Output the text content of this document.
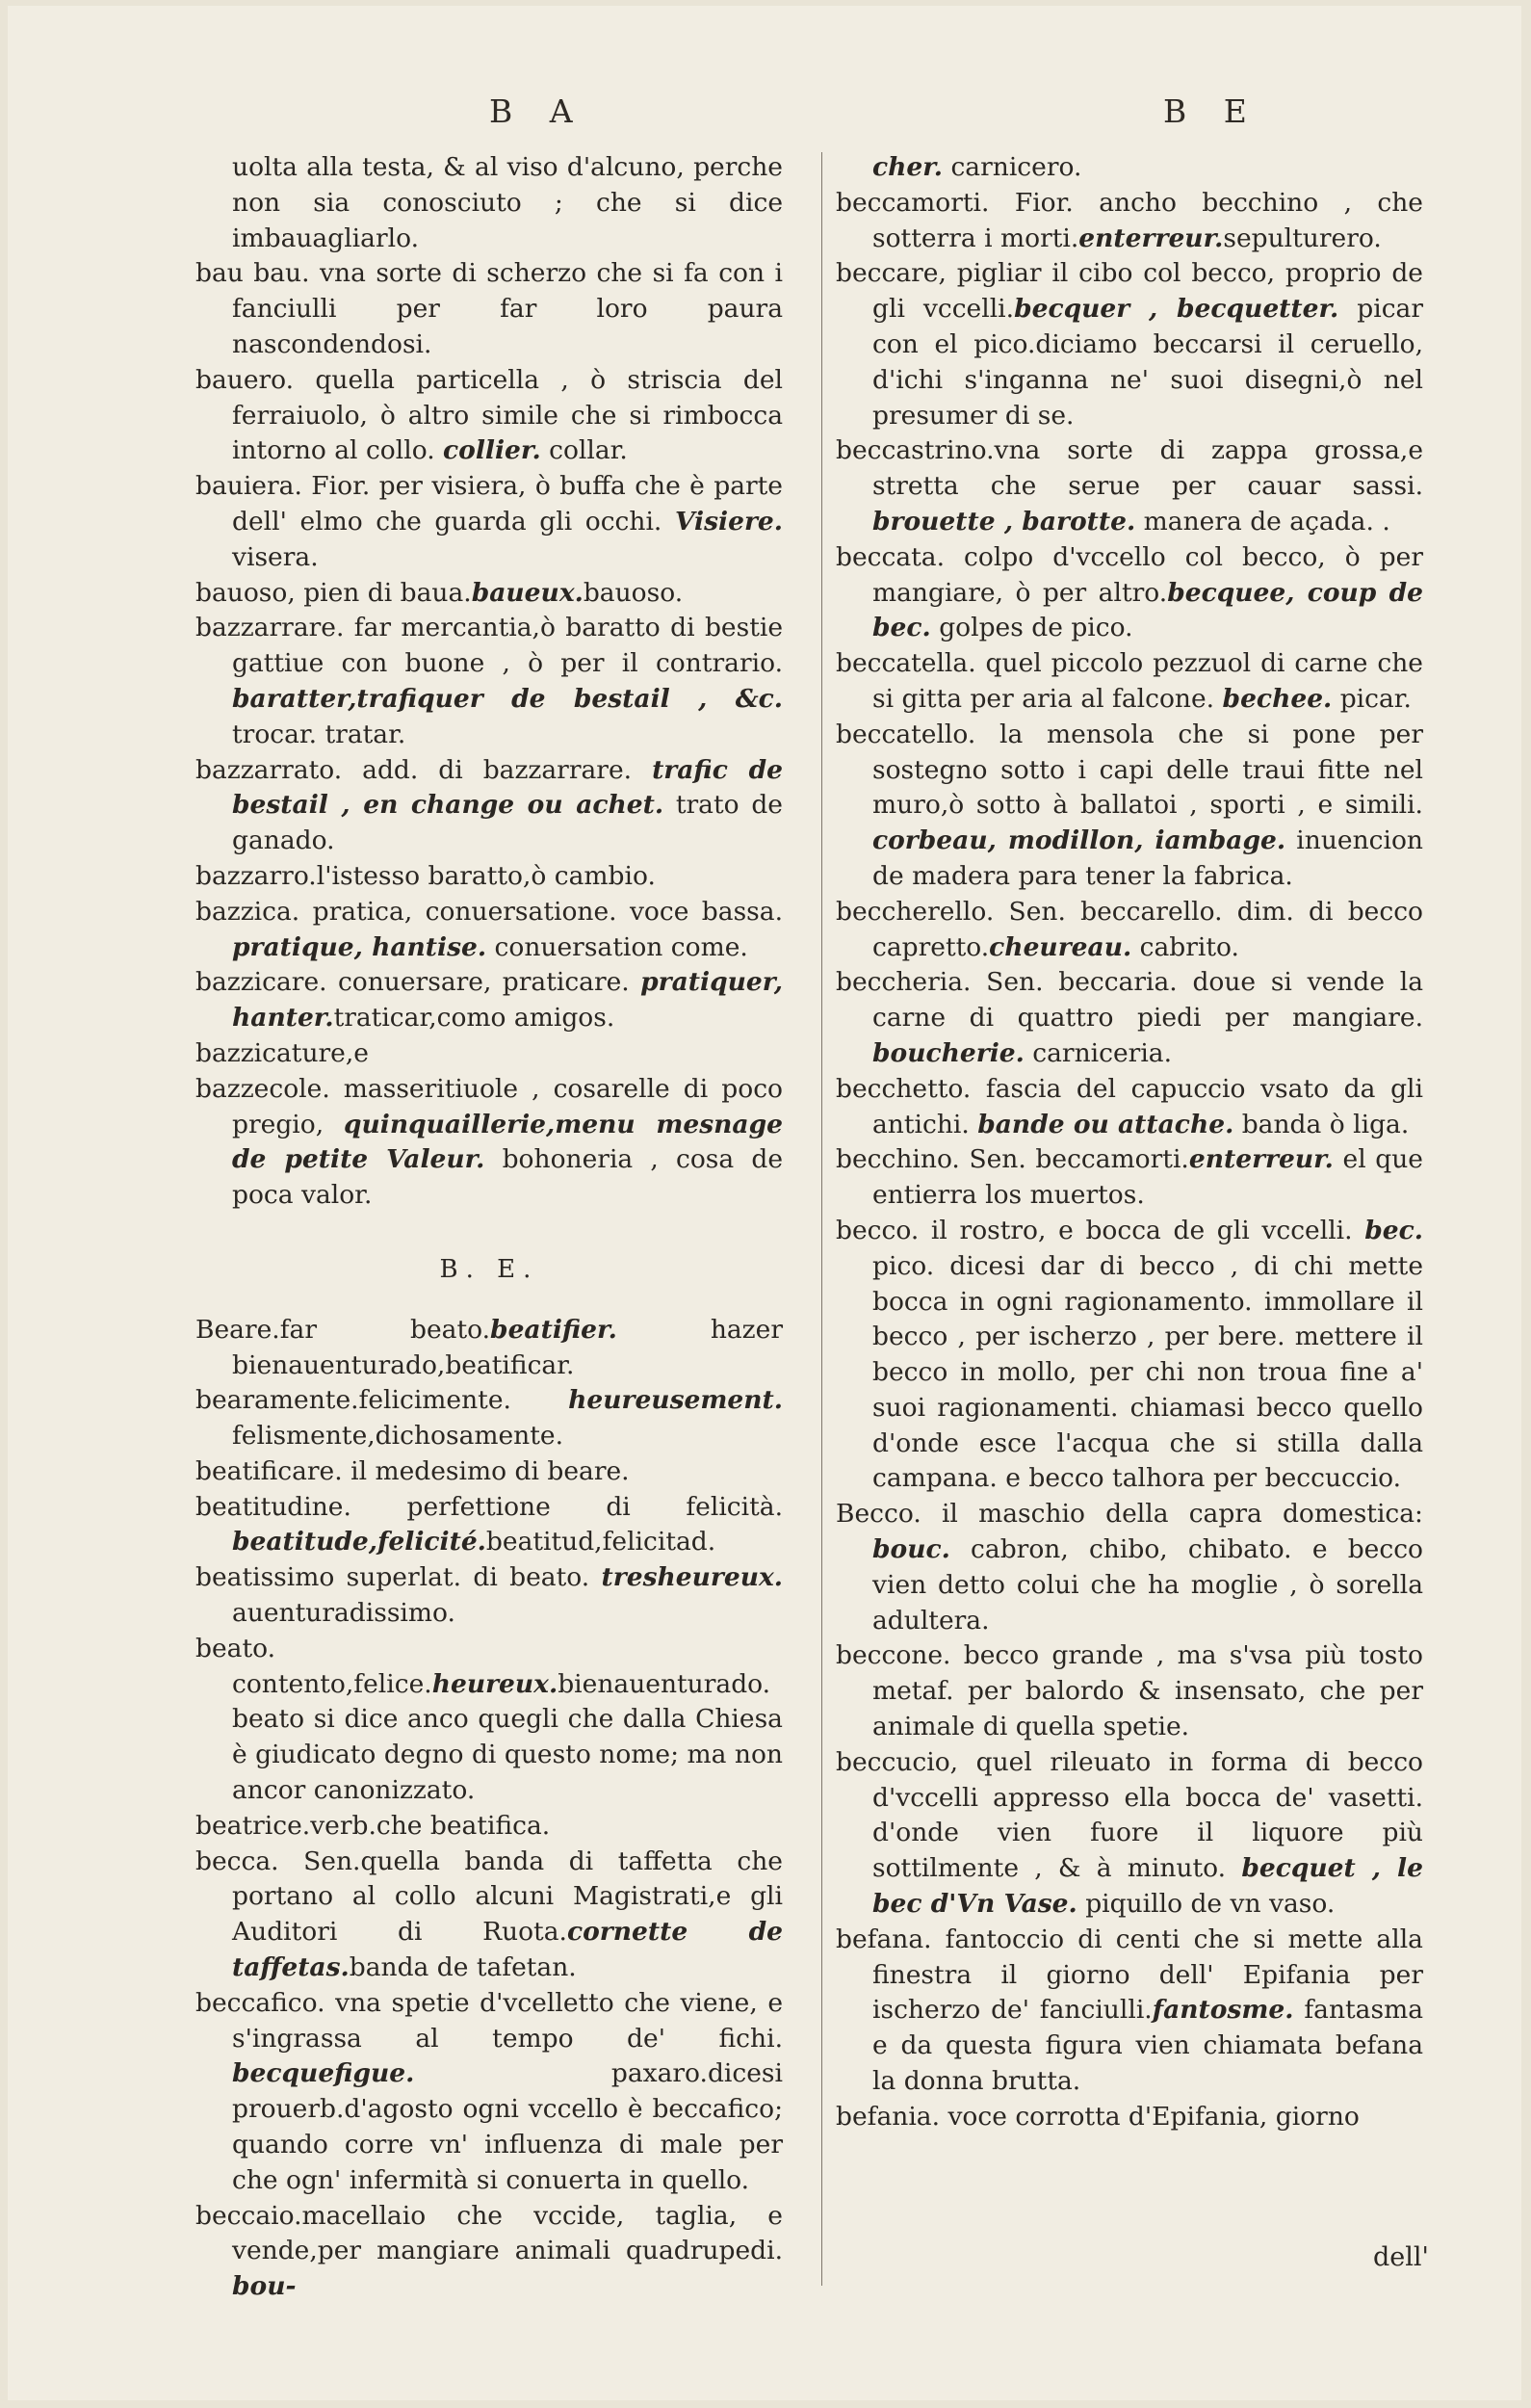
B A	B E

uolta alla testa, & al viso d'alcuno, perche non sia conosciuto ; che si dice imbauagliarlo.

bau bau. vna sorte di scherzo che si fa con i fanciulli per far loro paura nascondendosi.

bauero. quella particella , ò striscia del ferraiuolo, ò altro simile che si rimbocca intorno al collo. collier. collar.

bauiera. Fior. per visiera, ò buffa che è parte dell' elmo che guarda gli occhi. Visiere. visera.

bauoso, pien di baua.baueux.bauoso.

bazzarrare. far mercantia,ò baratto di bestie gattiue con buone , ò per il contrario. baratter,trafiquer de bestail , &c. trocar. tratar.

bazzarrato. add. di bazzarrare. trafic de bestail , en change ou achet. trato de ganado.

bazzarro.l'istesso baratto,ò cambio.

bazzica. pratica, conuersatione. voce bassa. pratique, hantise. conuersation come.

bazzicare. conuersare, praticare. pratiquer, hanter.traticar,como amigos.

bazzicature,e

bazzecole. masseritiuole , cosarelle di poco pregio, quinquaillerie,menu mesnage de petite Valeur. bohoneria , cosa de poca valor.

B. E.

Beare.far beato.beatifier. hazer bienauenturado,beatificar.

bearamente.felicimente. heureusement. felismente,dichosamente.

beatificare. il medesimo di beare.

beatitudine. perfettione di felicità. beatitude,felicité.beatitud,felicitad.

beatissimo superlat. di beato. tresheureux. auenturadissimo.

beato. contento,felice.heureux.bienauenturado. beato si dice anco quegli che dalla Chiesa è giudicato degno di questo nome; ma non ancor canonizzato.

beatrice.verb.che beatifica.

becca. Sen.quella banda di taffetta che portano al collo alcuni Magistrati,e gli Auditori di Ruota.cornette de taffetas.banda de tafetan.

beccafico. vna spetie d'vcelletto che viene, e s'ingrassa al tempo de' fichi. becquefigue. paxaro.dicesi prouerb.d'agosto ogni vccello è beccafico; quando corre vn' influenza di male per che ogn' infermità si conuerta in quello.

beccaio.macellaio che vccide, taglia, e vende,per mangiare animali quadrupedi. bou-

cher. carnicero.

beccamorti. Fior. ancho becchino , che sotterra i morti.enterreur.sepulturero.

beccare, pigliar il cibo col becco, proprio de gli vccelli.becquer , becquetter. picar con el pico.diciamo beccarsi il ceruello, d'ichi s'inganna ne' suoi disegni,ò nel presumer di se.

beccastrino.vna sorte di zappa grossa,e stretta che serue per cauar sassi. brouette , barotte. manera de açada. .

beccata. colpo d'vccello col becco, ò per mangiare, ò per altro.becquee, coup de bec. golpes de pico.

beccatella. quel piccolo pezzuol di carne che si gitta per aria al falcone. bechee. picar.

beccatello. la mensola che si pone per sostegno sotto i capi delle traui fitte nel muro,ò sotto à ballatoi , sporti , e simili. corbeau, modillon, iambage. inuencion de madera para tener la fabrica.

beccherello. Sen. beccarello. dim. di becco capretto.cheureau. cabrito.

beccheria. Sen. beccaria. doue si vende la carne di quattro piedi per mangiare. boucherie. carniceria.

becchetto. fascia del capuccio vsato da gli antichi. bande ou attache. banda ò liga.

becchino. Sen. beccamorti.enterreur. el que entierra los muertos.

becco. il rostro, e bocca de gli vccelli. bec. pico. dicesi dar di becco , di chi mette bocca in ogni ragionamento. immollare il becco , per ischerzo , per bere. mettere il becco in mollo, per chi non troua fine a' suoi ragionamenti. chiamasi becco quello d'onde esce l'acqua che si stilla dalla campana. e becco talhora per beccuccio.

Becco. il maschio della capra domestica: bouc. cabron, chibo, chibato. e becco vien detto colui che ha moglie , ò sorella adultera.

beccone. becco grande , ma s'vsa più tosto metaf. per balordo & insensato, che per animale di quella spetie.

beccucio, quel rileuato in forma di becco d'vccelli appresso ella bocca de' vasetti. d'onde vien fuore il liquore più sottilmente , & à minuto. becquet , le bec d'Vn Vase. piquillo de vn vaso.

befana. fantoccio di centi che si mette alla finestra il giorno dell' Epifania per ischerzo de' fanciulli.fantosme. fantasma e da questa figura vien chiamata befana la donna brutta.

befania. voce corrotta d'Epifania, giorno

dell'
